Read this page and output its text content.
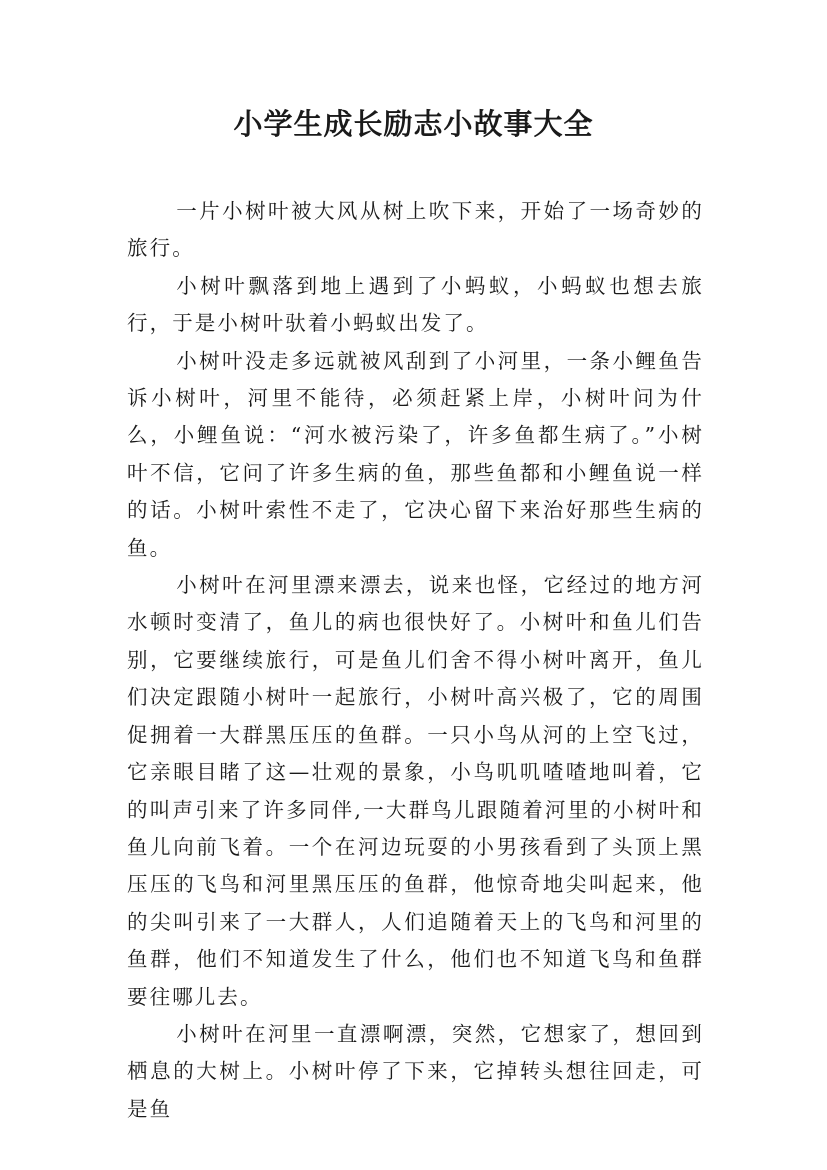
小学生成长励志小故事大全

一片小树叶被大风从树上吹下来，开始了一场奇妙的旅行。

小树叶飘落到地上遇到了小蚂蚁，小蚂蚁也想去旅行，于是小树叶驮着小蚂蚁出发了。

小树叶没走多远就被风刮到了小河里，一条小鲤鱼告诉小树叶，河里不能待，必须赶紧上岸，小树叶问为什么，小鲤鱼说：“河水被污染了，许多鱼都生病了。”小树叶不信，它问了许多生病的鱼，那些鱼都和小鲤鱼说一样的话。小树叶索性不走了，它决心留下来治好那些生病的鱼。

小树叶在河里漂来漂去，说来也怪，它经过的地方河水顿时变清了，鱼儿的病也很快好了。小树叶和鱼儿们告别，它要继续旅行，可是鱼儿们舍不得小树叶离开，鱼儿们决定跟随小树叶一起旅行，小树叶高兴极了，它的周围促拥着一大群黑压压的鱼群。一只小鸟从河的上空飞过，它亲眼目睹了这—壮观的景象，小鸟叽叽喳喳地叫着，它的叫声引来了许多同伴,一大群鸟儿跟随着河里的小树叶和鱼儿向前飞着。一个在河边玩耍的小男孩看到了头顶上黑压压的飞鸟和河里黑压压的鱼群，他惊奇地尖叫起来，他的尖叫引来了一大群人，人们追随着天上的飞鸟和河里的鱼群，他们不知道发生了什么，他们也不知道飞鸟和鱼群要往哪儿去。

小树叶在河里一直漂啊漂，突然，它想家了，想回到栖息的大树上。小树叶停了下来，它掉转头想往回走，可是鱼
